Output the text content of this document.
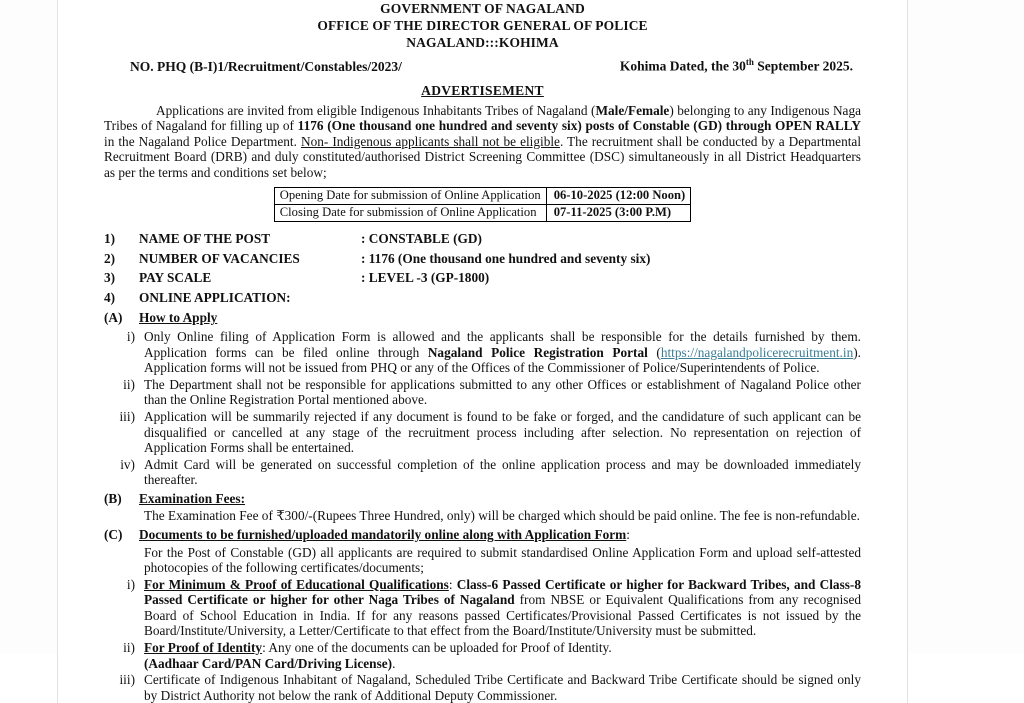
GOVERNMENT OF NAGALAND
OFFICE OF THE DIRECTOR GENERAL OF POLICE
NAGALAND:::KOHIMA
NO. PHQ (B-I)1/Recruitment/Constables/2023/	Kohima Dated, the 30th September 2025.
ADVERTISEMENT
Applications are invited from eligible Indigenous Inhabitants Tribes of Nagaland (Male/Female) belonging to any Indigenous Naga Tribes of Nagaland for filling up of 1176 (One thousand one hundred and seventy six) posts of Constable (GD) through OPEN RALLY in the Nagaland Police Department. Non- Indigenous applicants shall not be eligible. The recruitment shall be conducted by a Departmental Recruitment Board (DRB) and duly constituted/authorised District Screening Committee (DSC) simultaneously in all District Headquarters as per the terms and conditions set below;
Opening Date for submission of Online Application	06-10-2025 (12:00 Noon)
Closing Date for submission of Online Application	07-11-2025 (3:00 P.M)
1)	NAME OF THE POST	: CONSTABLE (GD)
2)	NUMBER OF VACANCIES	: 1176 (One thousand one hundred and seventy six)
3)	PAY SCALE	: LEVEL -3 (GP-1800)
4)	ONLINE APPLICATION:
(A)	How to Apply
i) Only Online filing of Application Form is allowed and the applicants shall be responsible for the details furnished by them. Application forms can be filed online through Nagaland Police Registration Portal (https://nagalandpolicerecruitment.in). Application forms will not be issued from PHQ or any of the Offices of the Commissioner of Police/Superintendents of Police.
ii) The Department shall not be responsible for applications submitted to any other Offices or establishment of Nagaland Police other than the Online Registration Portal mentioned above.
iii) Application will be summarily rejected if any document is found to be fake or forged, and the candidature of such applicant can be disqualified or cancelled at any stage of the recruitment process including after selection. No representation on rejection of Application Forms shall be entertained.
iv) Admit Card will be generated on successful completion of the online application process and may be downloaded immediately thereafter.
(B)	Examination Fees:
The Examination Fee of ₹300/-(Rupees Three Hundred, only) will be charged which should be paid online. The fee is non-refundable.
(C)	Documents to be furnished/uploaded mandatorily online along with Application Form:
For the Post of Constable (GD) all applicants are required to submit standardised Online Application Form and upload self-attested photocopies of the following certificates/documents;
i) For Minimum & Proof of Educational Qualifications: Class-6 Passed Certificate or higher for Backward Tribes, and Class-8 Passed Certificate or higher for other Naga Tribes of Nagaland from NBSE or Equivalent Qualifications from any recognised Board of School Education in India. If for any reasons passed Certificates/Provisional Passed Certificates is not issued by the Board/Institute/University, a Letter/Certificate to that effect from the Board/Institute/University must be submitted.
ii) For Proof of Identity: Any one of the documents can be uploaded for Proof of Identity.
(Aadhaar Card/PAN Card/Driving License).
iii) Certificate of Indigenous Inhabitant of Nagaland, Scheduled Tribe Certificate and Backward Tribe Certificate should be signed only by District Authority not below the rank of Additional Deputy Commissioner.
